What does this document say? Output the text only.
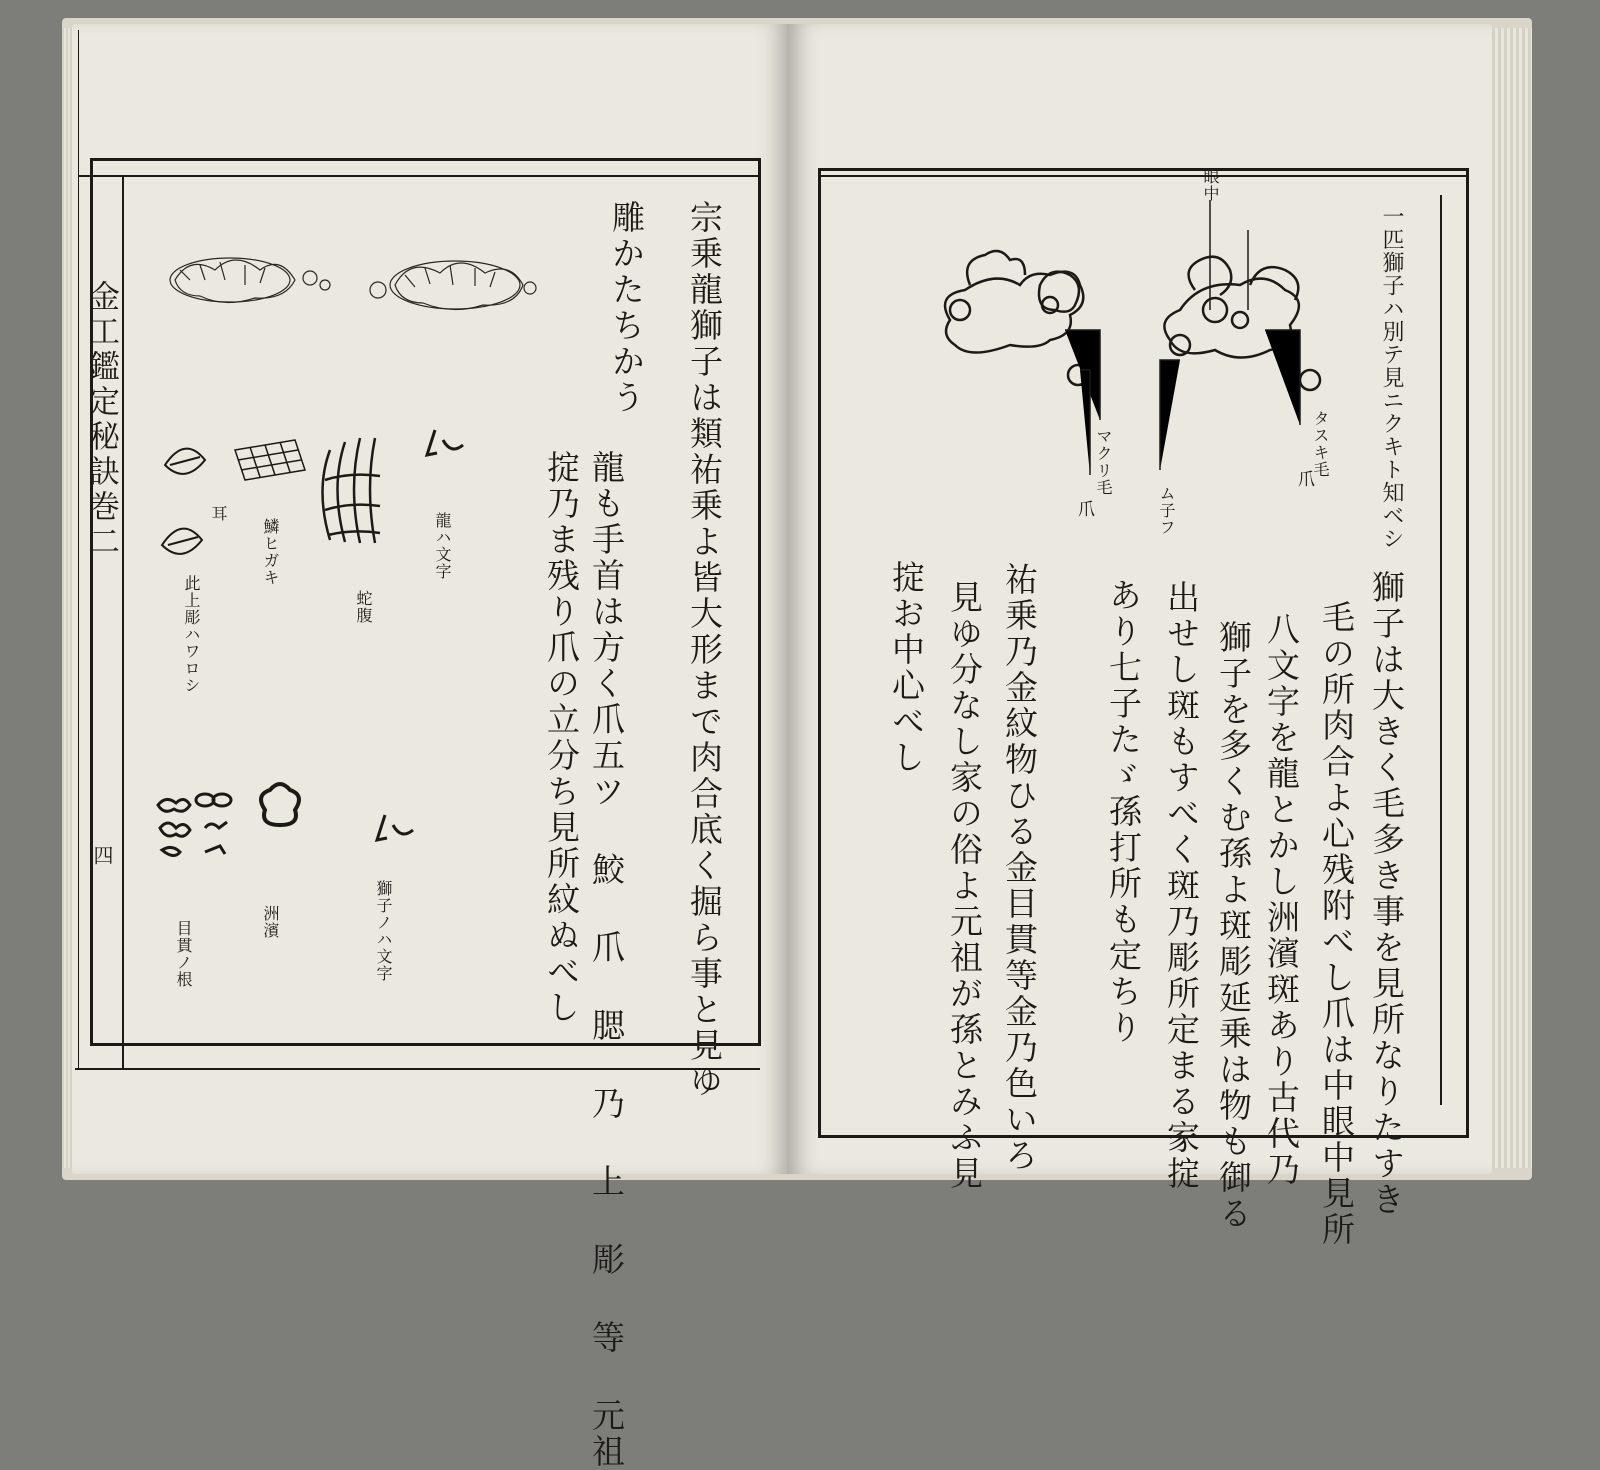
金工鑑定秘訣巻二
四	宗乗龍獅子は類祐乗よ皆大形まで肉合底く掘ら事と見ゆ
龍も手首は方く爪五ツ 鮫 爪 腮 乃 上 彫 等 元祖
掟乃ま残り爪の立分ち見所紋ぬべし
雕かたちかう
龍ハ文字
獅子ノハ文字
蛇腹
鱗ヒガキ
耳
此上彫ハワロシ
目貫ノ根	洲濱
一匹獅子ハ別テ見ニクキト知ベシ
眼中
タスキ毛
爪
ム子フ
マクリ毛
爪
獅子は大きく毛多き事を見所なりたすき
毛の所肉合よ心残附べし爪は中眼中見所
八文字を龍とかし洲濱斑あり古代乃
獅子を多くむ孫よ斑彫延乗は物も御る
出せし斑もすべく斑乃彫所定まる家掟
あり七子たゞ孫打所も定ちり
祐乗乃金紋物ひる金目貫等金乃色いろ
見ゆ分なし家の俗よ元祖が孫とみふ見
掟お中心べし
